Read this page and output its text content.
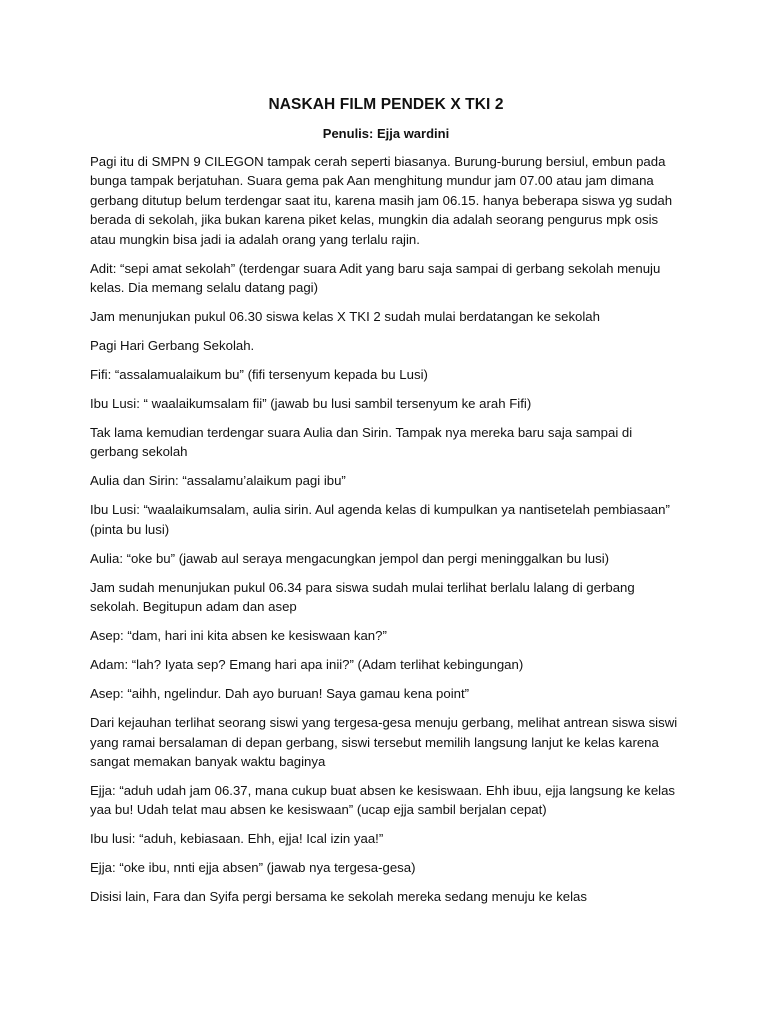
NASKAH FILM PENDEK X TKI 2
Penulis: Ejja wardini

Pagi itu di SMPN 9 CILEGON tampak cerah seperti biasanya. Burung-burung bersiul, embun pada bunga tampak berjatuhan. Suara gema pak Aan menghitung mundur jam 07.00 atau jam dimana gerbang ditutup belum terdengar saat itu, karena masih jam 06.15. hanya beberapa siswa yg sudah berada di sekolah, jika bukan karena piket kelas, mungkin dia adalah seorang pengurus mpk osis atau mungkin bisa jadi ia adalah orang yang terlalu rajin.

Adit: “sepi amat sekolah” (terdengar suara Adit yang baru saja sampai di gerbang sekolah menuju kelas. Dia memang selalu datang pagi)

Jam menunjukan pukul 06.30 siswa kelas X TKI 2 sudah mulai berdatangan ke sekolah

Pagi Hari Gerbang Sekolah.

Fifi: “assalamualaikum bu” (fifi tersenyum kepada bu Lusi)

Ibu Lusi: “ waalaikumsalam fii” (jawab bu lusi sambil tersenyum ke arah Fifi)

Tak lama kemudian terdengar suara Aulia dan Sirin. Tampak nya mereka baru saja sampai di gerbang sekolah

Aulia dan Sirin: “assalamu’alaikum pagi ibu”

Ibu Lusi: “waalaikumsalam, aulia sirin. Aul agenda kelas di kumpulkan ya nantisetelah pembiasaan” (pinta bu lusi)

Aulia: “oke bu” (jawab aul seraya mengacungkan jempol dan pergi meninggalkan bu lusi)

Jam sudah menunjukan pukul 06.34 para siswa sudah mulai terlihat berlalu lalang di gerbang sekolah. Begitupun adam dan asep

Asep: “dam, hari ini kita absen ke kesiswaan kan?”

Adam: “lah? Iyata sep? Emang hari apa inii?” (Adam terlihat kebingungan)

Asep: “aihh, ngelindur. Dah ayo buruan! Saya gamau kena point”

Dari kejauhan terlihat seorang siswi yang tergesa-gesa menuju gerbang, melihat antrean siswa siswi yang ramai bersalaman di depan gerbang, siswi tersebut memilih langsung lanjut ke kelas karena sangat memakan banyak waktu baginya

Ejja: “aduh udah jam 06.37, mana cukup buat absen ke kesiswaan. Ehh ibuu, ejja langsung ke kelas yaa bu! Udah telat mau absen ke kesiswaan” (ucap ejja sambil berjalan cepat)

Ibu lusi: “aduh, kebiasaan. Ehh, ejja! Ical izin yaa!”

Ejja: “oke ibu, nnti ejja absen” (jawab nya tergesa-gesa)

Disisi lain, Fara dan Syifa pergi bersama ke sekolah mereka sedang menuju ke kelas
